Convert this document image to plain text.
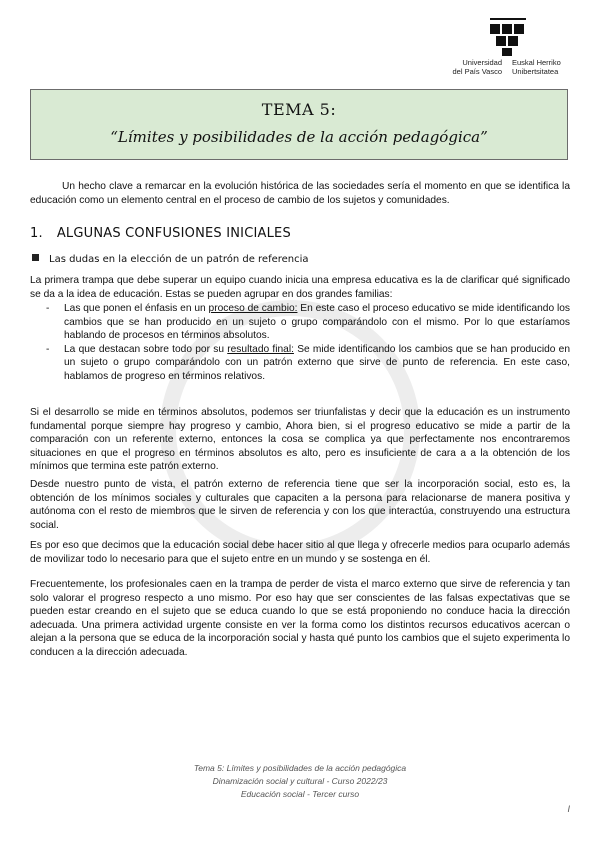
Universidad
del País Vasco
Euskal Herriko
Unibertsitatea
TEMA 5:
“Límites y posibilidades de la acción pedagógica”

Un hecho clave a remarcar en la evolución histórica de las sociedades sería el momento en que se identifica la educación como un elemento central en el proceso de cambio de los sujetos y comunidades.

1. ALGUNAS CONFUSIONES INICIALES
Las dudas en la elección de un patrón de referencia

La primera trampa que debe superar un equipo cuando inicia una empresa educativa es la de clarificar qué significado se da a la idea de educación. Estas se pueden agrupar en dos grandes familias:

- Las que ponen el énfasis en un proceso de cambio: En este caso el proceso educativo se mide identificando los cambios que se han producido en un sujeto o grupo comparándolo con el mismo. Por lo que estaríamos hablando de procesos en términos absolutos.
- La que destacan sobre todo por su resultado final: Se mide identificando los cambios que se han producido en un sujeto o grupo comparándolo con un patrón externo que sirve de punto de referencia. En este caso, hablamos de progreso en términos relativos.

Si el desarrollo se mide en términos absolutos, podemos ser triunfalistas y decir que la educación es un instrumento fundamental porque siempre hay progreso y cambio, Ahora bien, si el progreso educativo se mide a partir de la comparación con un referente externo, entonces la cosa se complica ya que perfectamente nos encontraremos situaciones en que el progreso en términos absolutos es alto, pero es insuficiente de cara a a la obtención de los mínimos que termina este patrón externo.

Desde nuestro punto de vista, el patrón externo de referencia tiene que ser la incorporación social, esto es, la obtención de los mínimos sociales y culturales que capaciten a la persona para relacionarse de manera positiva y autónoma con el resto de miembros que le sirven de referencia y con los que interactúa, construyendo una estructura social.

Es por eso que decimos que la educación social debe hacer sitio al que llega y ofrecerle medios para ocuparlo además de movilizar todo lo necesario para que el sujeto entre en un mundo y se sostenga en él.

Frecuentemente, los profesionales caen en la trampa de perder de vista el marco externo que sirve de referencia y tan solo valorar el progreso respecto a uno mismo. Por eso hay que ser conscientes de las falsas expectativas que se pueden estar creando en el sujeto que se educa cuando lo que se está proponiendo no conduce hacia la dirección adecuada. Una primera actividad urgente consiste en ver la forma como los distintos recursos educativos acercan o alejan a la persona que se educa de la incorporación social y hasta qué punto los cambios que el sujeto experimenta lo conducen a la dirección adecuada.

Tema 5: Límites y posibilidades de la acción pedagógica
Dinamización social y cultural - Curso 2022/23
Educación social - Tercer curso
I
